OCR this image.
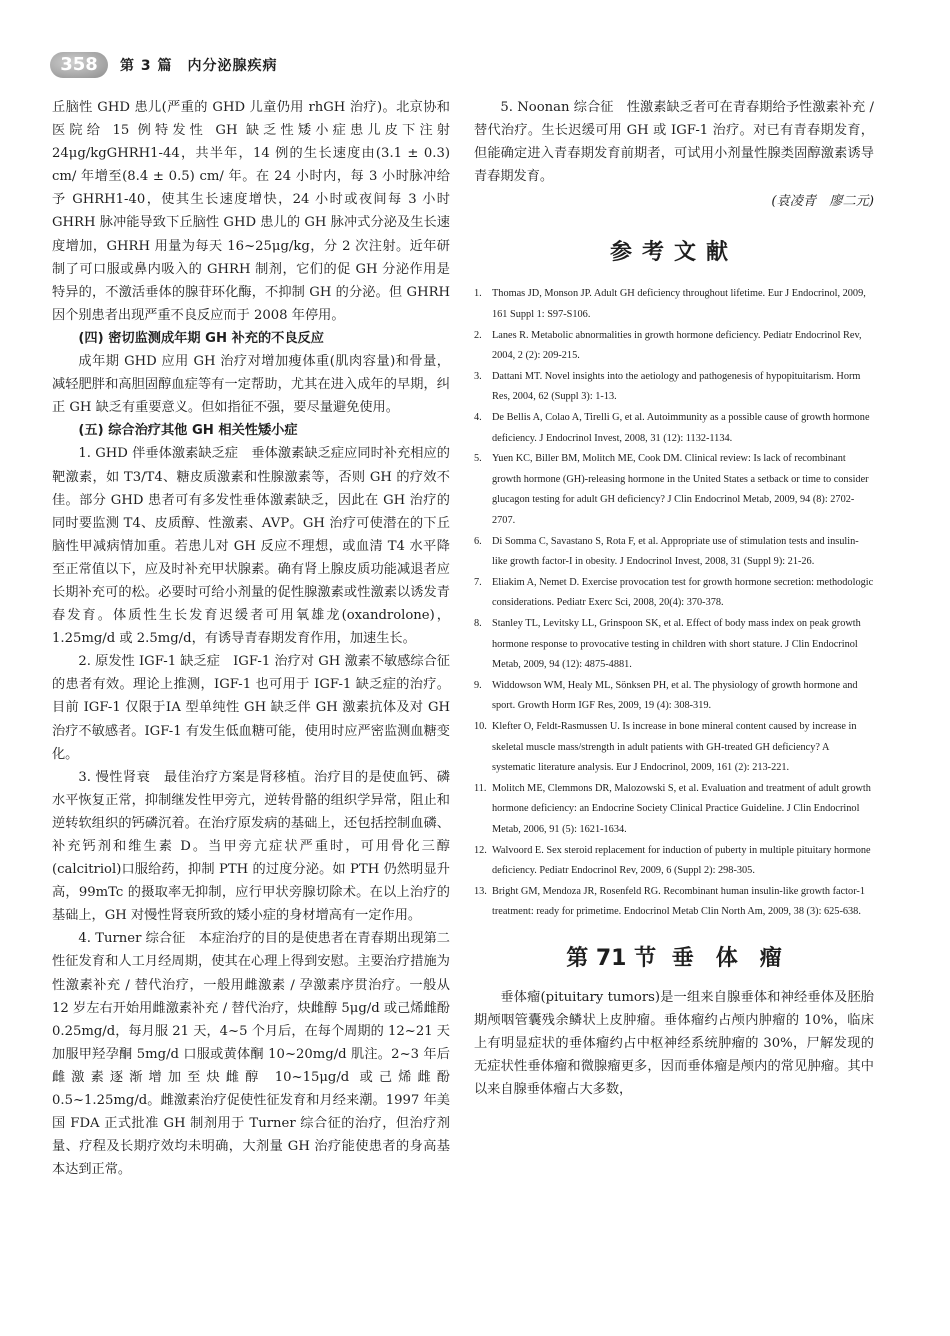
358	第 3 篇　内分泌腺疾病

丘脑性 GHD 患儿(严重的 GHD 儿童仍用 rhGH 治疗)。北京协和医院给 15 例特发性 GH 缺乏性矮小症患儿皮下注射 24μg/kgGHRH1-44，共半年，14 例的生长速度由(3.1 ± 0.3) cm/ 年增至(8.4 ± 0.5) cm/ 年。在 24 小时内，每 3 小时脉冲给予 GHRH1-40，使其生长速度增快，24 小时或夜间每 3 小时 GHRH 脉冲能导致下丘脑性 GHD 患儿的 GH 脉冲式分泌及生长速度增加，GHRH 用量为每天 16~25μg/kg，分 2 次注射。近年研制了可口服或鼻内吸入的 GHRH 制剂，它们的促 GH 分泌作用是特异的，不激活垂体的腺苷环化酶，不抑制 GH 的分泌。但 GHRH 因个别患者出现严重不良反应而于 2008 年停用。

(四) 密切监测成年期 GH 补充的不良反应

成年期 GHD 应用 GH 治疗对增加瘦体重(肌肉容量)和骨量，减轻肥胖和高胆固醇血症等有一定帮助，尤其在进入成年的早期，纠正 GH 缺乏有重要意义。但如指征不强，要尽量避免使用。

(五) 综合治疗其他 GH 相关性矮小症

1. GHD 伴垂体激素缺乏症　垂体激素缺乏症应同时补充相应的靶激素，如 T3/T4、糖皮质激素和性腺激素等，否则 GH 的疗效不佳。部分 GHD 患者可有多发性垂体激素缺乏，因此在 GH 治疗的同时要监测 T4、皮质醇、性激素、AVP。GH 治疗可使潜在的下丘脑性甲减病情加重。若患儿对 GH 反应不理想，或血清 T4 水平降至正常值以下，应及时补充甲状腺素。确有肾上腺皮质功能减退者应长期补充可的松。必要时可给小剂量的促性腺激素或性激素以诱发青春发育。体质性生长发育迟缓者可用氧雄龙(oxandrolone)，1.25mg/d 或 2.5mg/d，有诱导青春期发育作用，加速生长。

2. 原发性 IGF-1 缺乏症　IGF-1 治疗对 GH 激素不敏感综合征的患者有效。理论上推测，IGF-1 也可用于 IGF-1 缺乏症的治疗。目前 IGF-1 仅限于ⅠA 型单纯性 GH 缺乏伴 GH 激素抗体及对 GH 治疗不敏感者。IGF-1 有发生低血糖可能，使用时应严密监测血糖变化。

3. 慢性肾衰　最佳治疗方案是肾移植。治疗目的是使血钙、磷水平恢复正常，抑制继发性甲旁亢，逆转骨骼的组织学异常，阻止和逆转软组织的钙磷沉着。在治疗原发病的基础上，还包括控制血磷、补充钙剂和维生素 D。当甲旁亢症状严重时，可用骨化三醇(calcitriol)口服给药，抑制 PTH 的过度分泌。如 PTH 仍然明显升高，99mTc 的摄取率无抑制，应行甲状旁腺切除术。在以上治疗的基础上，GH 对慢性肾衰所致的矮小症的身材增高有一定作用。

4. Turner 综合征　本症治疗的目的是使患者在青春期出现第二性征发育和人工月经周期，使其在心理上得到安慰。主要治疗措施为性激素补充 / 替代治疗，一般用雌激素 / 孕激素序贯治疗。一般从 12 岁左右开始用雌激素补充 / 替代治疗，炔雌醇 5μg/d 或己烯雌酚 0.25mg/d，每月服 21 天，4~5 个月后，在每个周期的 12~21 天加服甲羟孕酮 5mg/d 口服或黄体酮 10~20mg/d 肌注。2~3 年后雌激素逐渐增加至炔雌醇 10~15μg/d 或己烯雌酚 0.5~1.25mg/d。雌激素治疗促使性征发育和月经来潮。1997 年美国 FDA 正式批准 GH 制剂用于 Turner 综合征的治疗，但治疗剂量、疗程及长期疗效均未明确，大剂量 GH 治疗能使患者的身高基本达到正常。

5. Noonan 综合征　性激素缺乏者可在青春期给予性激素补充 / 替代治疗。生长迟缓可用 GH 或 IGF-1 治疗。对已有青春期发育，但能确定进入青春期发育前期者，可试用小剂量性腺类固醇激素诱导青春期发育。

(袁凌青　廖二元)

参考文献
1. Thomas JD, Monson JP. Adult GH deficiency throughout lifetime. Eur J Endocrinol, 2009, 161 Suppl 1: S97-S106.
2. Lanes R. Metabolic abnormalities in growth hormone deficiency. Pediatr Endocrinol Rev, 2004, 2 (2): 209-215.
3. Dattani MT. Novel insights into the aetiology and pathogenesis of hypopituitarism. Horm Res, 2004, 62 (Suppl 3): 1-13.
4. De Bellis A, Colao A, Tirelli G, et al. Autoimmunity as a possible cause of growth hormone deficiency. J Endocrinol Invest, 2008, 31 (12): 1132-1134.
5. Yuen KC, Biller BM, Molitch ME, Cook DM. Clinical review: Is lack of recombinant growth hormone (GH)-releasing hormone in the United States a setback or time to consider glucagon testing for adult GH deficiency? J Clin Endocrinol Metab, 2009, 94 (8): 2702-2707.
6. Di Somma C, Savastano S, Rota F, et al. Appropriate use of stimulation tests and insulin-like growth factor-I in obesity. J Endocrinol Invest, 2008, 31 (Suppl 9): 21-26.
7. Eliakim A, Nemet D. Exercise provocation test for growth hormone secretion: methodologic considerations. Pediatr Exerc Sci, 2008, 20(4): 370-378.
8. Stanley TL, Levitsky LL, Grinspoon SK, et al. Effect of body mass index on peak growth hormone response to provocative testing in children with short stature. J Clin Endocrinol Metab, 2009, 94 (12): 4875-4881.
9. Widdowson WM, Healy ML, Sönksen PH, et al. The physiology of growth hormone and sport. Growth Horm IGF Res, 2009, 19 (4): 308-319.
10. Klefter O, Feldt-Rasmussen U. Is increase in bone mineral content caused by increase in skeletal muscle mass/strength in adult patients with GH-treated GH deficiency? A systematic literature analysis. Eur J Endocrinol, 2009, 161 (2): 213-221.
11. Molitch ME, Clemmons DR, Malozowski S, et al. Evaluation and treatment of adult growth hormone deficiency: an Endocrine Society Clinical Practice Guideline. J Clin Endocrinol Metab, 2006, 91 (5): 1621-1634.
12. Walvoord E. Sex steroid replacement for induction of puberty in multiple pituitary hormone deficiency. Pediatr Endocrinol Rev, 2009, 6 (Suppl 2): 298-305.
13. Bright GM, Mendoza JR, Rosenfeld RG. Recombinant human insulin-like growth factor-1 treatment: ready for primetime. Endocrinol Metab Clin North Am, 2009, 38 (3): 625-638.
第 71 节 垂　体　瘤

垂体瘤(pituitary tumors)是一组来自腺垂体和神经垂体及胚胎期颅咽管囊残余鳞状上皮肿瘤。垂体瘤约占颅内肿瘤的 10%，临床上有明显症状的垂体瘤约占中枢神经系统肿瘤的 30%，尸解发现的无症状性垂体瘤和微腺瘤更多，因而垂体瘤是颅内的常见肿瘤。其中以来自腺垂体瘤占大多数，
